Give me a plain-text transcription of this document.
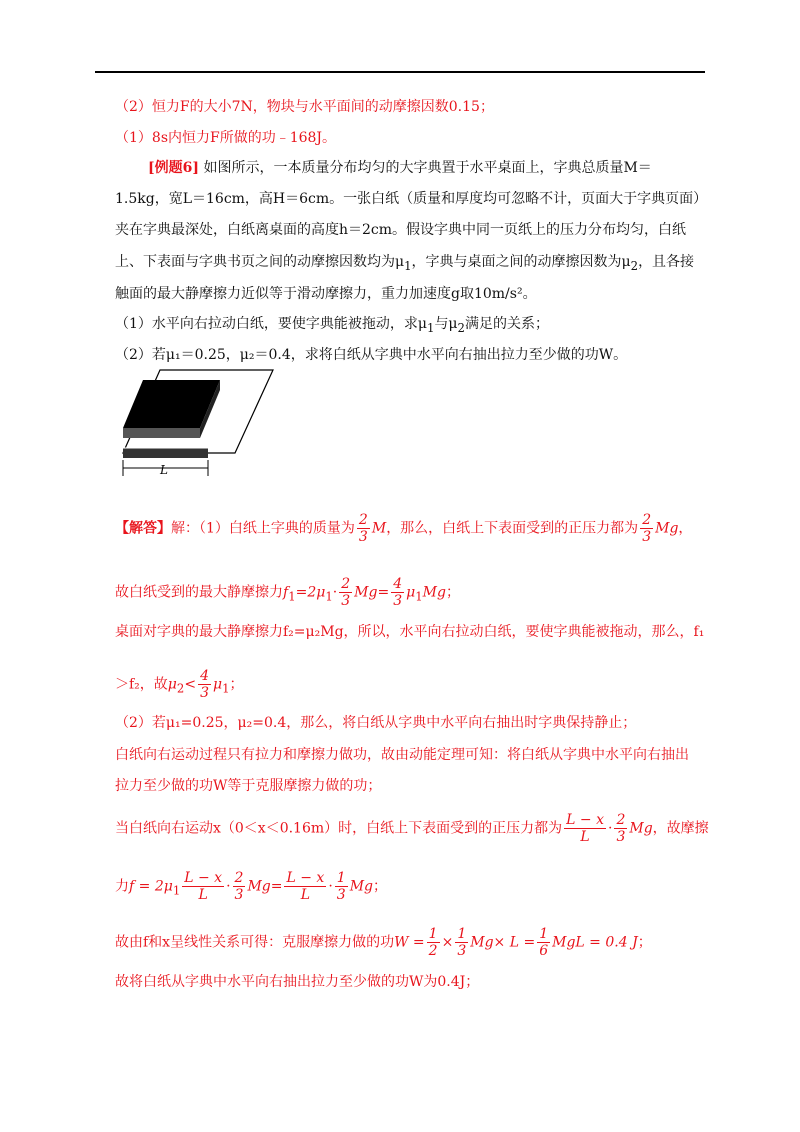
（2）恒力F的大小7N，物块与水平面间的动摩擦因数0.15；
（1）8s内恒力F所做的功﹣168J。
[例题6] 如图所示，一本质量分布均匀的大字典置于水平桌面上，字典总质量M＝
1.5kg，宽L＝16cm，高H＝6cm。一张白纸（质量和厚度均可忽略不计，页面大于字典页面）
夹在字典最深处，白纸离桌面的高度h＝2cm。假设字典中同一页纸上的压力分布均匀，白纸
上、下表面与字典书页之间的动摩擦因数均为$\mu_1$，字典与桌面之间的动摩擦因数为$\mu_2$，且各接
触面的最大静摩擦力近似等于滑动摩擦力，重力加速度g取10m/s²。
（1）水平向右拉动白纸，要使字典能被拖动，求$\mu_1$与$\mu_2$满足的关系；
（2）若μ₁＝0.25，μ₂＝0.4，求将白纸从字典中水平向右抽出拉力至少做的功W。
L
【解答】解：（1）白纸上字典的质量为 $\frac{2}{3}$ M，那么，白纸上下表面受到的正压力都为 $\frac{2}{3}$ Mg，
故白纸受到的最大静摩擦力$f_1=2\mu_1\cdot \frac{2}{3} Mg= \frac{4}{3} \mu_1Mg$；
桌面对字典的最大静摩擦力f₂=μ₂Mg，所以，水平向右拉动白纸，要使字典能被拖动，那么，f₁
＞f₂，故$\mu_2< \frac{4}{3} \mu_1$；
（2）若μ₁=0.25，μ₂=0.4，那么，将白纸从字典中水平向右抽出时字典保持静止；
白纸向右运动过程只有拉力和摩擦力做功，故由动能定理可知：将白纸从字典中水平向右抽出
拉力至少做的功W等于克服摩擦力做的功；
当白纸向右运动x（0＜x＜0.16m）时，白纸上下表面受到的正压力都为 $\frac{L - x}{L} \cdot \frac{2}{3}$ Mg，故摩擦
力$f = 2\mu_1 \frac{L - x}{L} \cdot \frac{2}{3} Mg= \frac{L - x}{L} \cdot \frac{1}{3}$ Mg；
故由f和x呈线性关系可得：克服摩擦力做的功$W = \frac{1}{2} \times \frac{1}{3} Mg\times L = \frac{1}{6}$ MgL = 0.4 J；
故将白纸从字典中水平向右抽出拉力至少做的功W为0.4J；
